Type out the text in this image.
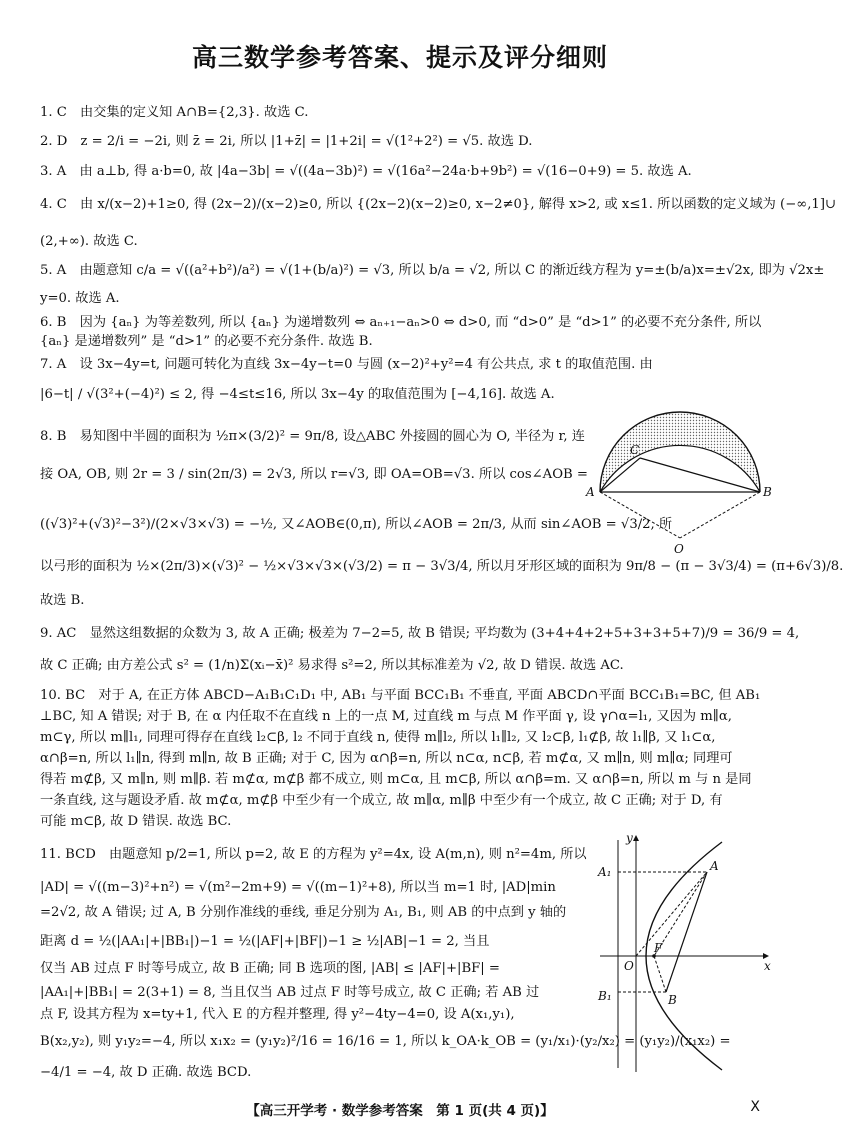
高三数学参考答案、提示及评分细则
1. C　由交集的定义知 A∩B={2,3}. 故选 C.
2. D　z = 2/i = −2i, 则 z̄ = 2i, 所以 |1+z̄| = |1+2i| = √(1²+2²) = √5. 故选 D.
3. A　由 a⊥b, 得 a·b=0, 故 |4a−3b| = √((4a−3b)²) = √(16a²−24a·b+9b²) = √(16−0+9) = 5. 故选 A.
4. C　由 x/(x−2)+1≥0, 得 (2x−2)/(x−2)≥0, 所以 {(2x−2)(x−2)≥0, x−2≠0}, 解得 x>2, 或 x≤1. 所以函数的定义域为 (−∞,1]∪
(2,+∞). 故选 C.
5. A　由题意知 c/a = √((a²+b²)/a²) = √(1+(b/a)²) = √3, 所以 b/a = √2, 所以 C 的渐近线方程为 y=±(b/a)x=±√2x, 即为 √2x±
y=0. 故选 A.
6. B　因为 {aₙ} 为等差数列, 所以 {aₙ} 为递增数列 ⇔ aₙ₊₁−aₙ>0 ⇔ d>0, 而 “d>0” 是 “d>1” 的必要不充分条件, 所以
{aₙ} 是递增数列” 是 “d>1” 的必要不充分条件. 故选 B.
7. A　设 3x−4y=t, 问题可转化为直线 3x−4y−t=0 与圆 (x−2)²+y²=4 有公共点, 求 t 的取值范围. 由
|6−t| / √(3²+(−4)²) ≤ 2, 得 −4≤t≤16, 所以 3x−4y 的取值范围为 [−4,16]. 故选 A.
8. B　易知图中半圆的面积为 ½π×(3/2)² = 9π/8, 设△ABC 外接圆的圆心为 O, 半径为 r, 连
接 OA, OB, 则 2r = 3 / sin(2π/3) = 2√3, 所以 r=√3, 即 OA=OB=√3. 所以 cos∠AOB =
((√3)²+(√3)²−3²)/(2×√3×√3) = −½, 又∠AOB∈(0,π), 所以∠AOB = 2π/3, 从而 sin∠AOB = √3/2, 所
以弓形的面积为 ½×(2π/3)×(√3)² − ½×√3×√3×(√3/2) = π − 3√3/4, 所以月牙形区域的面积为 9π/8 − (π − 3√3/4) = (π+6√3)/8.
故选 B.
9. AC　显然这组数据的众数为 3, 故 A 正确; 极差为 7−2=5, 故 B 错误; 平均数为 (3+4+4+2+5+3+3+5+7)/9 = 36/9 = 4,
故 C 正确; 由方差公式 s² = (1/n)Σ(xᵢ−x̄)² 易求得 s²=2, 所以其标准差为 √2, 故 D 错误. 故选 AC.
10. BC　对于 A, 在正方体 ABCD−A₁B₁C₁D₁ 中, AB₁ 与平面 BCC₁B₁ 不垂直, 平面 ABCD∩平面 BCC₁B₁=BC, 但 AB₁
⊥BC, 知 A 错误; 对于 B, 在 α 内任取不在直线 n 上的一点 M, 过直线 m 与点 M 作平面 γ, 设 γ∩α=l₁, 又因为 m∥α,
m⊂γ, 所以 m∥l₁, 同理可得存在直线 l₂⊂β, l₂ 不同于直线 n, 使得 m∥l₂, 所以 l₁∥l₂, 又 l₂⊂β, l₁⊄β, 故 l₁∥β, 又 l₁⊂α,
α∩β=n, 所以 l₁∥n, 得到 m∥n, 故 B 正确; 对于 C, 因为 α∩β=n, 所以 n⊂α, n⊂β, 若 m⊄α, 又 m∥n, 则 m∥α; 同理可
得若 m⊄β, 又 m∥n, 则 m∥β. 若 m⊄α, m⊄β 都不成立, 则 m⊂α, 且 m⊂β, 所以 α∩β=m. 又 α∩β=n, 所以 m 与 n 是同
一条直线, 这与题设矛盾. 故 m⊄α, m⊄β 中至少有一个成立, 故 m∥α, m∥β 中至少有一个成立, 故 C 正确; 对于 D, 有
可能 m⊂β, 故 D 错误. 故选 BC.
11. BCD　由题意知 p/2=1, 所以 p=2, 故 E 的方程为 y²=4x, 设 A(m,n), 则 n²=4m, 所以
|AD| = √((m−3)²+n²) = √(m²−2m+9) = √((m−1)²+8), 所以当 m=1 时, |AD|min
=2√2, 故 A 错误; 过 A, B 分别作准线的垂线, 垂足分别为 A₁, B₁, 则 AB 的中点到 y 轴的
距离 d = ½(|AA₁|+|BB₁|)−1 = ½(|AF|+|BF|)−1 ≥ ½|AB|−1 = 2, 当且
仅当 AB 过点 F 时等号成立, 故 B 正确; 同 B 选项的图, |AB| ≤ |AF|+|BF| =
|AA₁|+|BB₁| = 2(3+1) = 8, 当且仅当 AB 过点 F 时等号成立, 故 C 正确; 若 AB 过
点 F, 设其方程为 x=ty+1, 代入 E 的方程并整理, 得 y²−4ty−4=0, 设 A(x₁,y₁),
B(x₂,y₂), 则 y₁y₂=−4, 所以 x₁x₂ = (y₁y₂)²/16 = 16/16 = 1, 所以 k_OA·k_OB = (y₁/x₁)·(y₂/x₂) = (y₁y₂)/(x₁x₂) =
−4/1 = −4, 故 D 正确. 故选 BCD.
A	B
C
O
y
x
A₁	A
O
F
B₁	B
【高三开学考 · 数学参考答案　第 1 页(共 4 页)】	X
